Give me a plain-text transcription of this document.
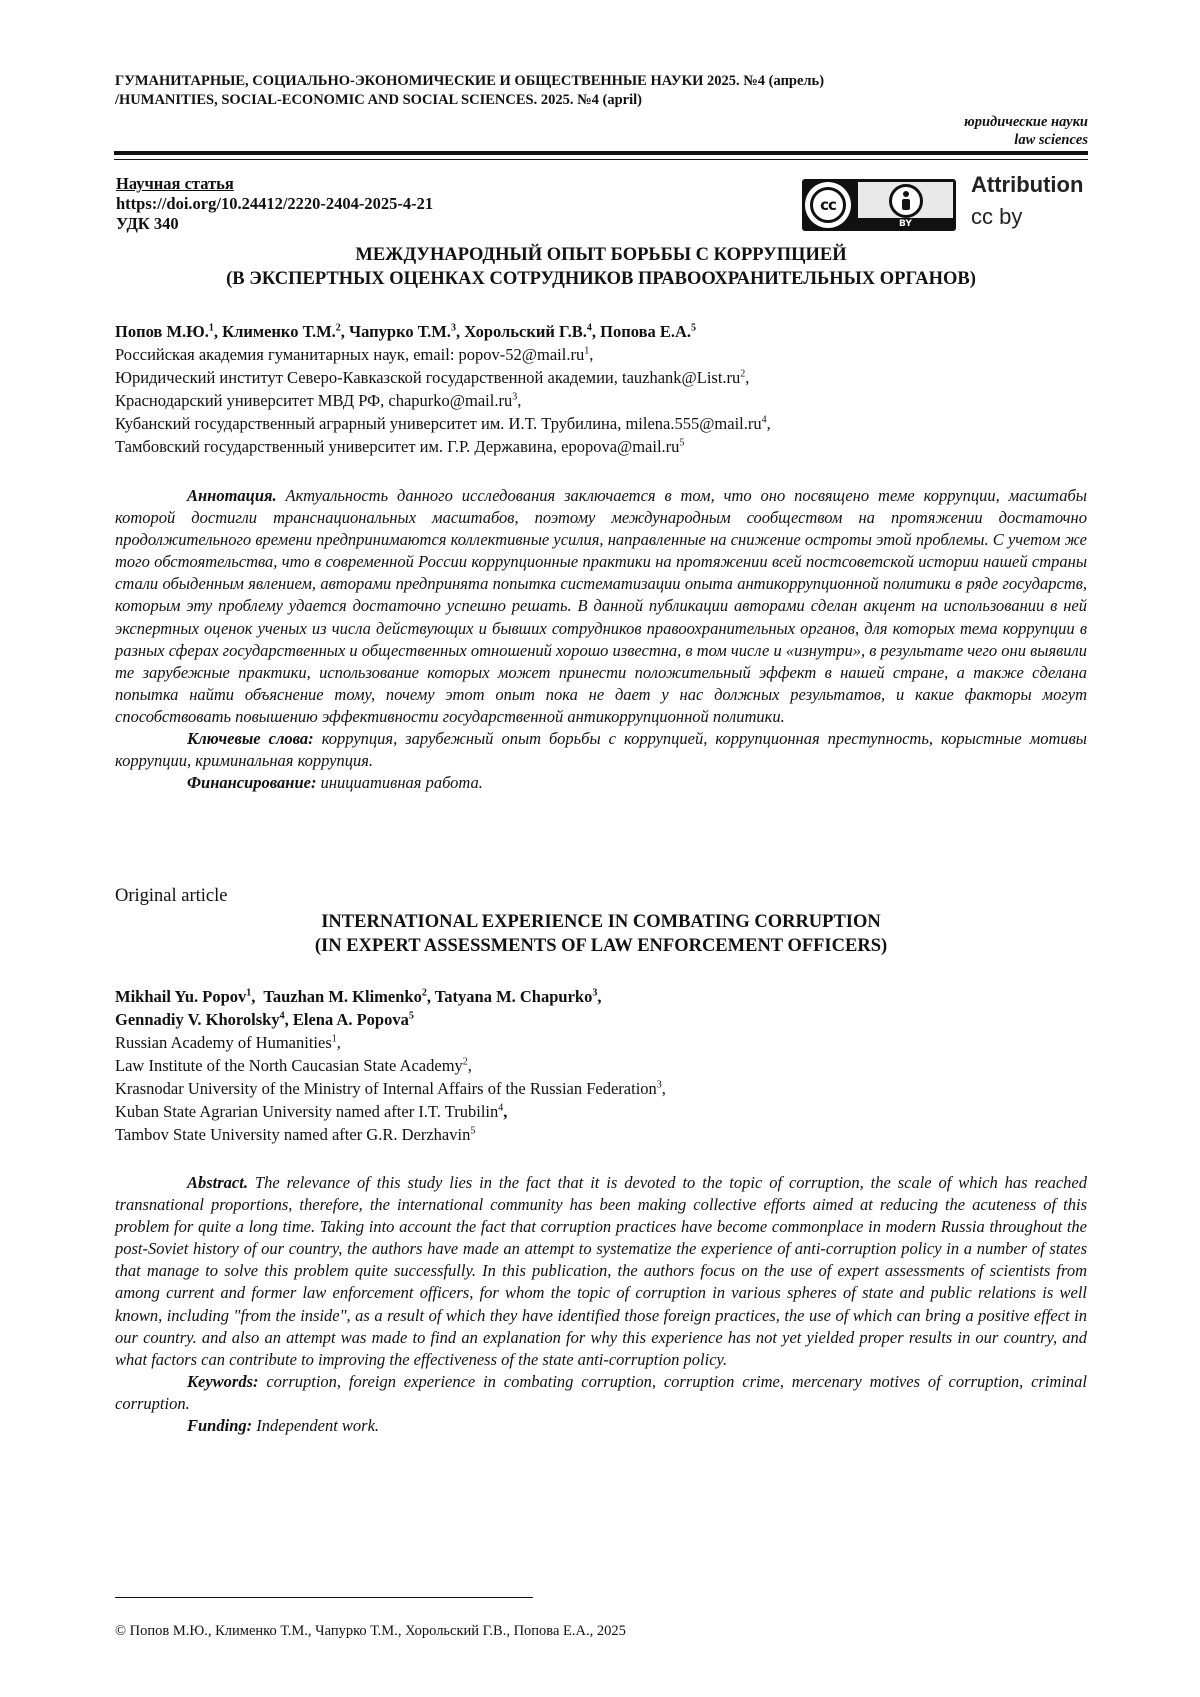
ГУМАНИТАРНЫЕ, СОЦИАЛЬНО-ЭКОНОМИЧЕСКИЕ И ОБЩЕСТВЕННЫЕ НАУКИ 2025. №4 (апрель)
/HUMANITIES, SOCIAL-ECONOMIC AND SOCIAL SCIENCES. 2025. №4 (april)
юридические науки
law sciences
Научная статья
https://doi.org/10.24412/2220-2404-2025-4-21
УДК 340
cc
BY
Attribution
cc by
МЕЖДУНАРОДНЫЙ ОПЫТ БОРЬБЫ С КОРРУПЦИЕЙ
(В ЭКСПЕРТНЫХ ОЦЕНКАХ СОТРУДНИКОВ ПРАВООХРАНИТЕЛЬНЫХ ОРГАНОВ)
Попов М.Ю.$^1$, Клименко Т.М.$^2$, Чапурко Т.М.$^3$, Хорольский Г.В.$^4$, Попова Е.А.$^5$
Российская академия гуманитарных наук, email: popov-$52@mail.ru^1$,
Юридический институт Северо-Кавказской государственной академии, $tauzhank@List.ru^2$,
Краснодарский университет МВД РФ, $chapurko@mail.ru^3$,
Кубанский государственный аграрный университет им. И.Т. Трубилина, $milena.555@mail.ru^4$,
Тамбовский государственный университет им. Г.Р. Державина, $epopova@mail.ru^5$

Аннотация. Актуальность данного исследования заключается в том, что оно посвящено теме коррупции, масштабы которой достигли транснациональных масштабов, поэтому международным сообществом на протяжении достаточно продолжительного времени предпринимаются коллективные усилия, направленные на снижение остроты этой проблемы. С учетом же того обстоятельства, что в современной России коррупционные практики на протяжении всей постсоветской истории нашей страны стали обыденным явлением, авторами предпринята попытка систематизации опыта антикоррупционной политики в ряде государств, которым эту проблему удается достаточно успешно решать. В данной публикации авторами сделан акцент на использовании в ней экспертных оценок ученых из числа действующих и бывших сотрудников правоохранительных органов, для которых тема коррупции в разных сферах государственных и общественных отношений хорошо известна, в том числе и «изнутри», в результате чего они выявили те зарубежные практики, использование которых может принести положительный эффект в нашей стране, а также сделана попытка найти объяснение тому, почему этот опыт пока не дает у нас должных результатов, и какие факторы могут способствовать повышению эффективности государственной антикоррупционной политики.

Ключевые слова: коррупция, зарубежный опыт борьбы с коррупцией, коррупционная преступность, корыстные мотивы коррупции, криминальная коррупция.

Финансирование: инициативная работа.

Original article
INTERNATIONAL EXPERIENCE IN COMBATING CORRUPTION
(IN EXPERT ASSESSMENTS OF LAW ENFORCEMENT OFFICERS)
Mikhail Yu. Popov$^1$,  Tauzhan M. Klimenko$^2$, Tatyana M. Chapurko$^3$,
Gennadiy V. Khorolsky$^4$, Elena A. Popova$^5$
Russian Academy of Humanities$^1$,
Law Institute of the North Caucasian State Academy$^2$,
Krasnodar University of the Ministry of Internal Affairs of the Russian Federation$^3$,
Kuban State Agrarian University named after I.T. Trubilin$^4$,
Tambov State University named after G.R. Derzhavin$^5$

Abstract. The relevance of this study lies in the fact that it is devoted to the topic of corruption, the scale of which has reached transnational proportions, therefore, the international community has been making collective efforts aimed at reducing the acuteness of this problem for quite a long time. Taking into account the fact that corruption practices have become commonplace in modern Russia throughout the post-Soviet history of our country, the authors have made an attempt to systematize the experience of anti-corruption policy in a number of states that manage to solve this problem quite successfully. In this publication, the authors focus on the use of expert assessments of scientists from among current and former law enforcement officers, for whom the topic of corruption in various spheres of state and public relations is well known, including "from the inside", as a result of which they have identified those foreign practices, the use of which can bring a positive effect in our country. and also an attempt was made to find an explanation for why this experience has not yet yielded proper results in our country, and what factors can contribute to improving the effectiveness of the state anti-corruption policy.

Keywords: corruption, foreign experience in combating corruption, corruption crime, mercenary motives of corruption, criminal corruption.

Funding: Independent work.

© Попов М.Ю., Клименко Т.М., Чапурко Т.М., Хорольский Г.В., Попова Е.А., 2025
